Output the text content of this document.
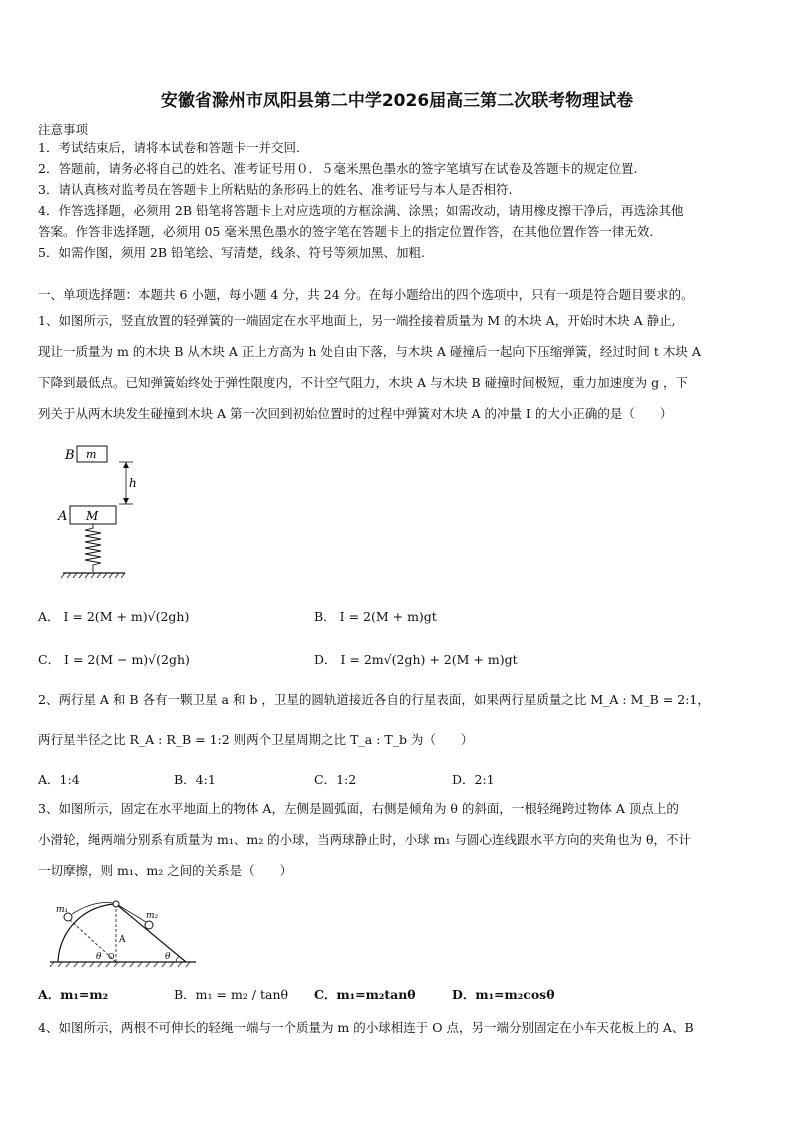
安徽省滁州市凤阳县第二中学2026届高三第二次联考物理试卷
注意事项
1．考试结束后，请将本试卷和答题卡一并交回.
2．答题前，请务必将自己的姓名、准考证号用０．５毫米黑色墨水的签字笔填写在试卷及答题卡的规定位置.
3．请认真核对监考员在答题卡上所粘贴的条形码上的姓名、准考证号与本人是否相符.
4．作答选择题，必须用 2B 铅笔将答题卡上对应选项的方框涂满、涂黑；如需改动，请用橡皮擦干净后，再选涂其他
答案。作答非选择题，必须用 05 毫米黑色墨水的签字笔在答题卡上的指定位置作答，在其他位置作答一律无效.
5．如需作图，须用 2B 铅笔绘、写清楚，线条、符号等须加黑、加粗.
一、单项选择题：本题共 6 小题，每小题 4 分，共 24 分。在每小题给出的四个选项中，只有一项是符合题目要求的。
1、如图所示，竖直放置的轻弹簧的一端固定在水平地面上，另一端拴接着质量为 M 的木块 A，开始时木块 A 静止,
现让一质量为 m 的木块 B 从木块 A 正上方高为 h 处自由下落，与木块 A 碰撞后一起向下压缩弹簧，经过时间 t 木块 A
下降到最低点。已知弹簧始终处于弹性限度内，不计空气阻力，木块 A 与木块 B 碰撞时间极短，重力加速度为 g ，下
列关于从两木块发生碰撞到木块 A 第一次回到初始位置时的过程中弹簧对木块 A 的冲量 I 的大小正确的是（　　）
B m
h
A M
A． I = 2(M + m)√(2gh)	B． I = 2(M + m)gt
C． I = 2(M − m)√(2gh)	D． I = 2m√(2gh) + 2(M + m)gt
2、两行星 A 和 B 各有一颗卫星 a 和 b ，卫星的圆轨道接近各自的行星表面，如果两行星质量之比 M_A : M_B = 2:1，
两行星半径之比 R_A : R_B = 1:2 则两个卫星周期之比 T_a : T_b 为（　　）
A．1:4	B．4:1	C．1:2	D．2:1
3、如图所示，固定在水平地面上的物体 A，左侧是圆弧面，右侧是倾角为 θ 的斜面，一根轻绳跨过物体 A 顶点上的
小滑轮，绳两端分别系有质量为 m₁、m₂ 的小球，当两球静止时，小球 m₁ 与圆心连线跟水平方向的夹角也为 θ，不计
一切摩擦，则 m₁、m₂ 之间的关系是（　　）
m₁
m₂
A
θ O	θ
A．m₁=m₂	B．m₁ = m₂ / tanθ C．m₁=m₂tanθ	D．m₁=m₂cosθ
4、如图所示，两根不可伸长的轻绳一端与一个质量为 m 的小球相连于 O 点，另一端分别固定在小车天花板上的 A、B
